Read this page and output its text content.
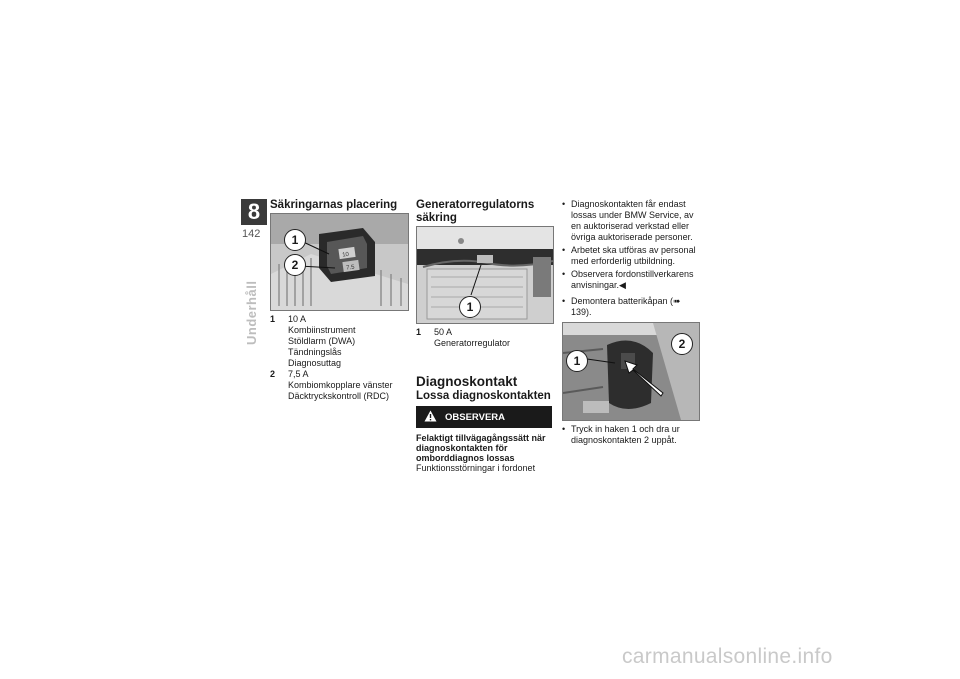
8
142
Underhåll
Säkringarnas placering
10
7.5
1
2
1	10 A
Kombiinstrument
Stöldlarm (DWA)
Tändningslås
Diagnosuttag
2	7,5 A
Kombiomkopplare vänster
Däcktryckskontroll (RDC)
Generatorregulatorns säkring
1
1	50 A
Generatorregulator
Diagnoskontakt
Lossa diagnoskontakten
OBSERVERA
Felaktigt tillvägagångssätt när diagnoskontakten för omborddiagnos lossas
Funktionsstörningar i fordonet
• Diagnoskontakten får endast lossas under BMW Service, av en auktoriserad verkstad eller övriga auktoriserade personer.
• Arbetet ska utföras av personal med erforderlig utbildning.
• Observera fordonstillverkarens anvisningar.◀
• Demontera batterikåpan (➠ 139).
1
2
• Tryck in haken 1 och dra ur diagnoskontakten 2 uppåt.
carmanualsonline.info
